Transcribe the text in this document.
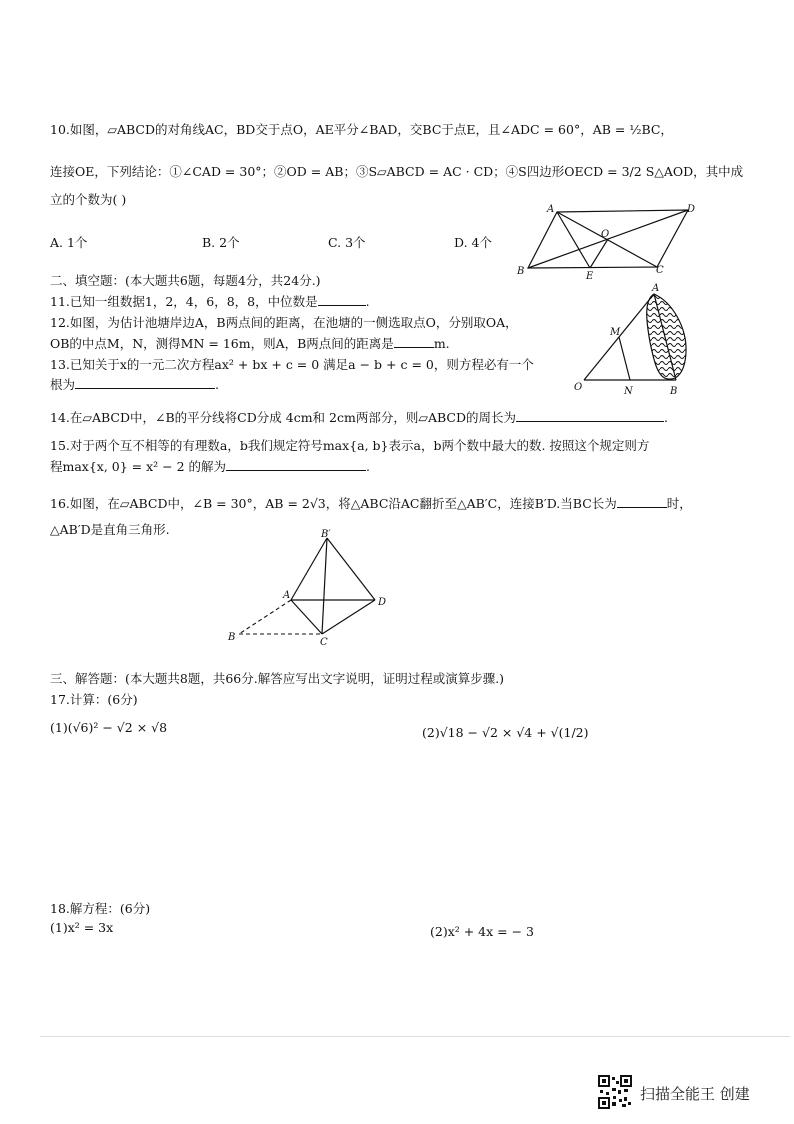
10.如图，▱ABCD的对角线AC，BD交于点O，AE平分∠BAD，交BC于点E，且∠ADC = 60°，AB = ½BC，
连接OE，下列结论：①∠CAD = 30°；②OD = AB；③S▱ABCD = AC · CD；④S四边形OECD = 3/2 S△AOD，其中成
立的个数为( )
A. 1个	B. 2个	C. 3个	D. 4个
A	D
O
B	E
C
二、填空题：(本大题共6题，每题4分，共24分.)
11.已知一组数据1，2，4，6，8，8，中位数是	.
12.如图，为估计池塘岸边A，B两点间的距离，在池塘的一侧选取点O，分别取OA，
OB的中点M，N，测得MN = 16m，则A，B两点间的距离是	m.
13.已知关于x的一元二次方程ax² + bx + c = 0 满足a − b + c = 0，则方程必有一个
根为	.
A
M
O	N	B
14.在▱ABCD中，∠B的平分线将CD分成 4cm和 2cm两部分，则▱ABCD的周长为	.
15.对于两个互不相等的有理数a，b我们规定符号max{a, b}表示a，b两个数中最大的数. 按照这个规定则方
程max{x, 0} = x² − 2 的解为	.
16.如图，在▱ABCD中，∠B = 30°，AB = 2√3，将△ABC沿AC翻折至△AB′C，连接B′D.当BC长为	时，
△AB′D是直角三角形.	B′
A
D
B	C
三、解答题：(本大题共8题，共66分.解答应写出文字说明，证明过程或演算步骤.)
17.计算：(6分)
(1)(√6)² − √2 × √8	(2)√18 − √2 × √4 + √(1/2)
18.解方程：(6分)
(1)x² = 3x	(2)x² + 4x = − 3
扫描全能王 创建
